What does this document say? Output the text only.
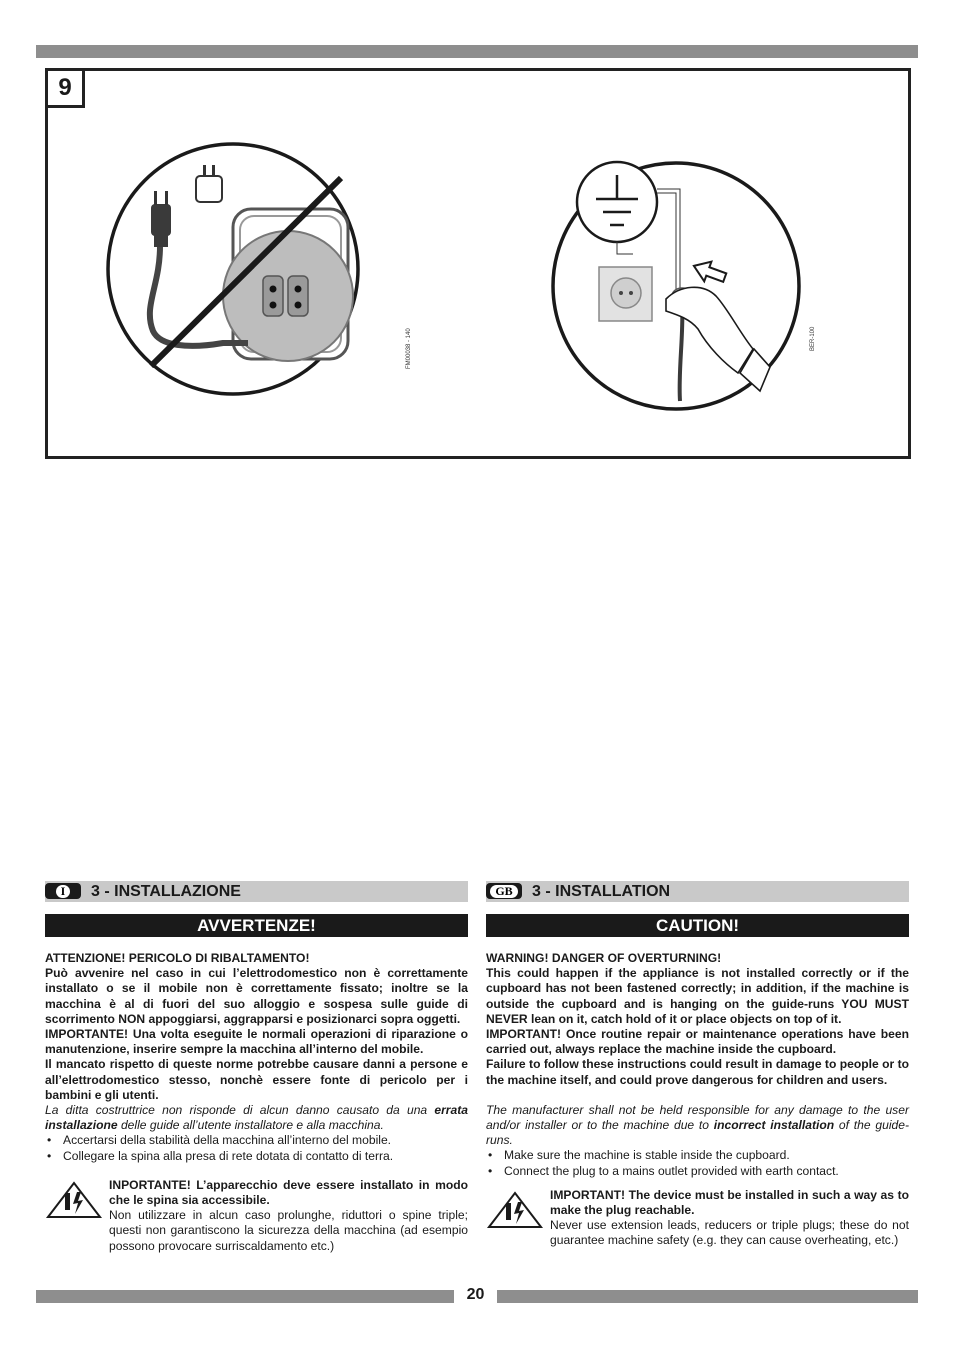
9
FM00038 - 140	BER-100
I	3 - INSTALLAZIONE
AVVERTENZE!

ATTENZIONE! PERICOLO DI RIBALTAMENTO!

Può avvenire nel caso in cui l’elettrodomestico non è correttamente installato o se il mobile non è correttamente fissato; inoltre se la macchina è al di fuori del suo alloggio e sospesa sulle guide di scorrimento NON appoggiarsi, aggrapparsi e posizionarci sopra oggetti.

IMPORTANTE! Una volta eseguite le normali operazioni di riparazione o manutenzione, inserire sempre la macchina all’interno del mobile.

Il mancato rispetto di queste norme potrebbe causare danni a persone e all’elettrodomestico stesso, nonchè essere fonte di pericolo per i bambini e gli utenti.

La ditta costruttrice non risponde di alcun danno causato da una errata installazione delle guide all’utente installatore e alla macchina.

• Accertarsi della stabilità della macchina all’interno del mobile.
• Collegare la spina alla presa di rete dotata di contatto di terra.

INPORTANTE! L’apparecchio deve essere installato in modo che le spina sia accessibile.

Non utilizzare in alcun caso prolunghe, riduttori o spine triple; questi non garantiscono la sicurezza della macchina (ad esempio possono provocare surriscaldamento etc.)

GB	3 - INSTALLATION
CAUTION!

WARNING! DANGER OF OVERTURNING!

This could happen if the appliance is not installed correctly or if the cupboard has not been fastened correctly; in addition, if the machine is outside the cupboard and is hanging on the guide-runs YOU MUST NEVER lean on it, catch hold of it or place objects on top of it.

IMPORTANT! Once routine repair or maintenance operations have been carried out, always replace the machine inside the cupboard.

Failure to follow these instructions could result in damage to people or to the machine itself, and could prove dangerous for children and users.

The manufacturer shall not be held responsible for any damage to the user and/or installer or to the machine due to incorrect installation of the guide-runs.

• Make sure the machine is stable inside the cupboard.
• Connect the plug to a mains outlet provided with earth contact.

IMPORTANT! The device must be installed in such a way as to make the plug reachable.

Never use extension leads, reducers or triple plugs; these do not guarantee machine safety (e.g. they can cause overheating, etc.)

20
